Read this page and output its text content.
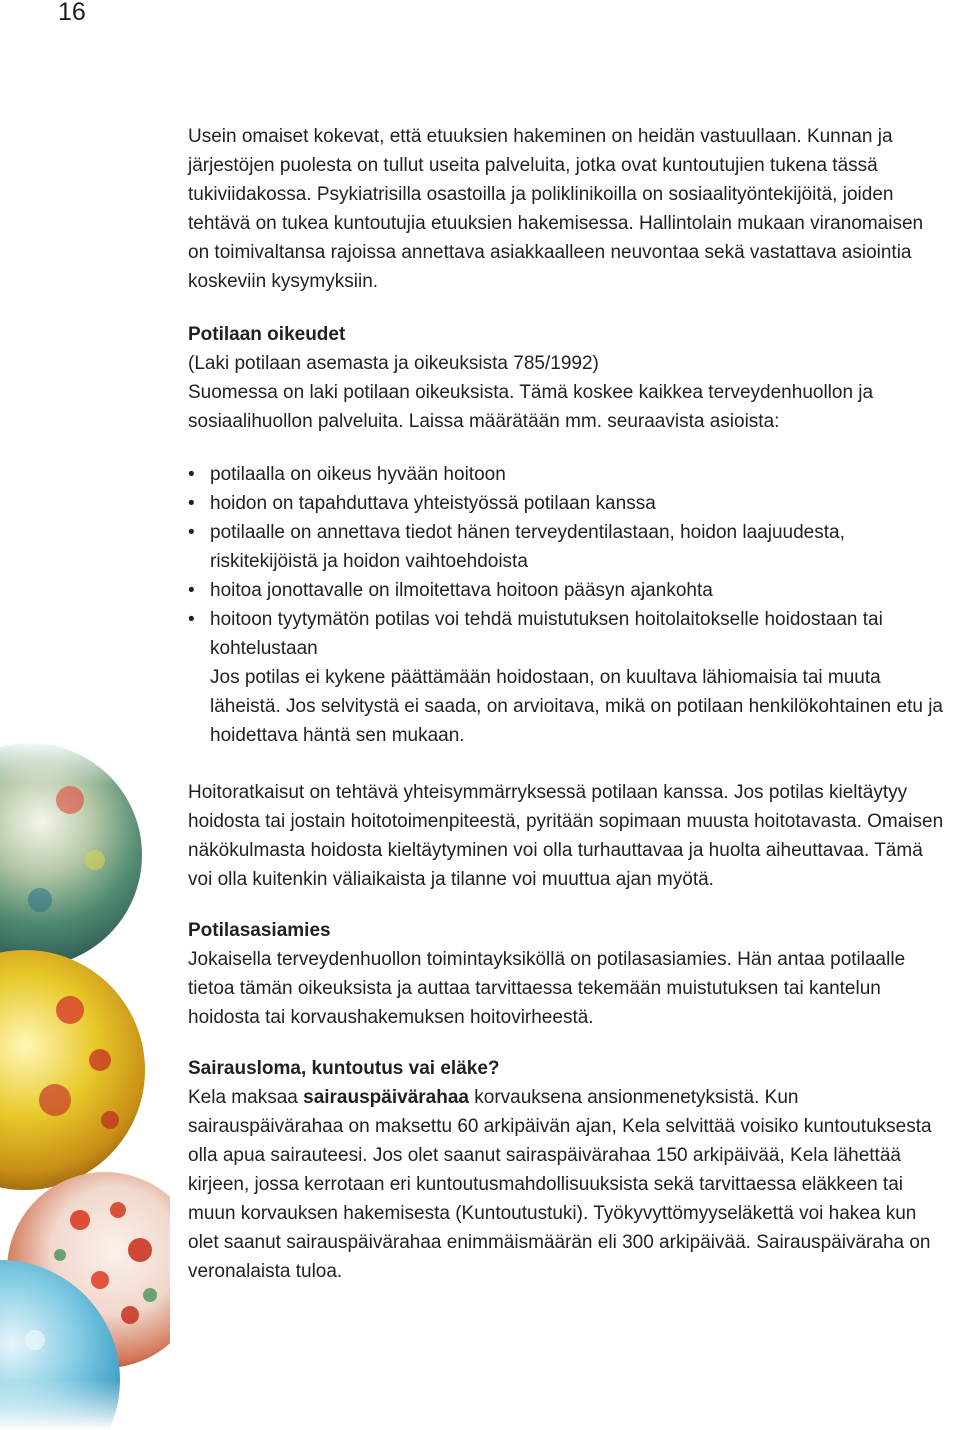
16

Usein omaiset kokevat, että etuuksien hakeminen on heidän vastuullaan. Kunnan ja järjestöjen puolesta on tullut useita palveluita, jotka ovat kuntoutujien tukena tässä tukiviidakossa. Psykiatrisilla osastoilla ja poliklinikoilla on sosiaalityöntekijöitä, joiden tehtävä on tukea kuntoutujia etuuksien hakemisessa. Hallintolain mukaan viranomaisen on toimivaltansa rajoissa annettava asiakkaalleen neuvontaa sekä vastattava asiointia koskeviin kysymyksiin.

Potilaan oikeudet

(Laki potilaan asemasta ja oikeuksista 785/1992)

Suomessa on laki potilaan oikeuksista. Tämä koskee kaikkea terveydenhuollon ja sosiaalihuollon palveluita. Laissa määrätään mm. seuraavista asioista:

• potilaalla on oikeus hyvään hoitoon
• hoidon on tapahduttava yhteistyössä potilaan kanssa
• potilaalle on annettava tiedot hänen terveydentilastaan, hoidon laajuudesta, riskitekijöistä ja hoidon vaihtoehdoista
• hoitoa jonottavalle on ilmoitettava hoitoon pääsyn ajankohta
• hoitoon tyytymätön potilas voi tehdä muistutuksen hoitolaitokselle hoidostaan tai kohtelustaan

Jos potilas ei kykene päättämään hoidostaan, on kuultava lähiomaisia tai muuta läheistä. Jos selvitystä ei saada, on arvioitava, mikä on potilaan henkilökohtainen etu ja hoidettava häntä sen mukaan.

Hoitoratkaisut on tehtävä yhteisymmärryksessä potilaan kanssa. Jos potilas kieltäytyy hoidosta tai jostain hoitotoimenpiteestä, pyritään sopimaan muusta hoitotavasta. Omaisen näkökulmasta hoidosta kieltäytyminen voi olla turhauttavaa ja huolta aiheuttavaa. Tämä voi olla kuitenkin väliaikaista ja tilanne voi muuttua ajan myötä.

Potilasasiamies

Jokaisella terveydenhuollon toimintayksiköllä on potilasasiamies. Hän antaa potilaalle tietoa tämän oikeuksista ja auttaa tarvittaessa tekemään muistutuksen tai kantelun hoidosta tai korvaushakemuksen hoitovirheestä.

Sairausloma, kuntoutus vai eläke?

Kela maksaa sairauspäivärahaa korvauksena ansionmenetyksistä. Kun sairauspäivärahaa on maksettu 60 arkipäivän ajan, Kela selvittää voisiko kuntoutuksesta olla apua sairauteesi. Jos olet saanut sairaspäivärahaa 150 arkipäivää, Kela lähettää kirjeen, jossa kerrotaan eri kuntoutusmahdollisuuksista sekä tarvittaessa eläkkeen tai muun korvauksen hakemisesta (Kuntoutustuki). Työkyvyttömyyseläkettä voi hakea kun olet saanut sairauspäivärahaa enimmäismäärän eli 300 arkipäivää. Sairauspäiväraha on veronalaista tuloa.
